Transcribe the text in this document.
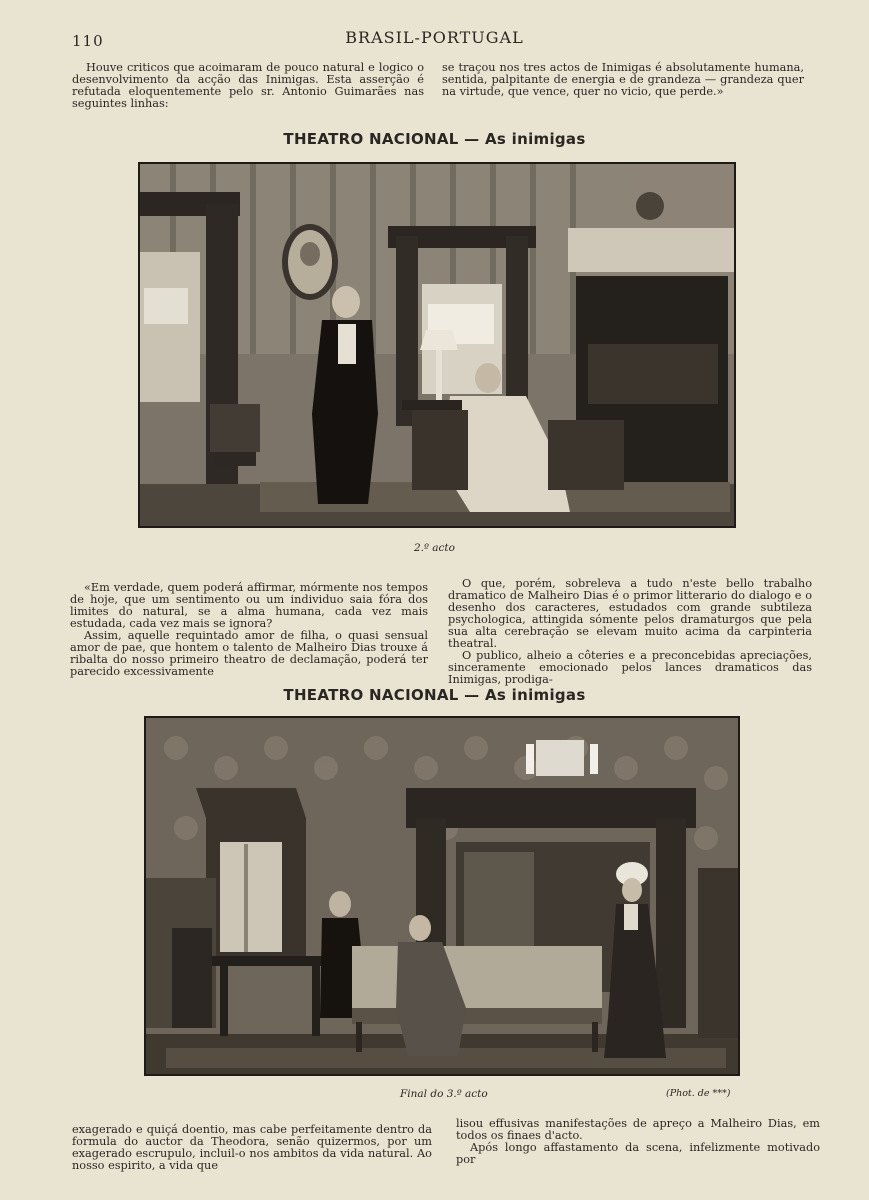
110	BRASIL-PORTUGAL

Houve criticos que acoimaram de pouco natural e logico o desenvolvimento da acção das Inimigas. Esta asserção é refutada eloquentemente pelo sr. Antonio Guimarães nas seguintes linhas:

se traçou nos tres actos de Inimigas é absolutamente humana, sentida, palpitante de energia e de grandeza — grandeza quer na virtude, que vence, quer no vicio, que perde.»

THEATRO NACIONAL — As inimigas
2.º acto

«Em verdade, quem poderá affirmar, mórmente nos tempos de hoje, que um sentimento ou um individuo saia fóra dos limites do natural, se a alma humana, cada vez mais estudada, cada vez mais se ignora?

Assim, aquelle requintado amor de filha, o quasi sensual amor de pae, que hontem o talento de Malheiro Dias trouxe á ribalta do nosso primeiro theatro de declamação, poderá ter parecido excessivamente

O que, porém, sobreleva a tudo n'este bello trabalho dramatico de Malheiro Dias é o primor litterario do dialogo e o desenho dos caracteres, estudados com grande subtileza psychologica, attingida sómente pelos dramaturgos que pela sua alta cerebração se elevam muito acima da carpinteria theatral.

O publico, alheio a côteries e a preconcebidas apreciações, sinceramente emocionado pelos lances dramaticos das Inimigas, prodiga-

THEATRO NACIONAL — As inimigas
Final do 3.º acto	(Phot. de ***)

exagerado e quiçá doentio, mas cabe perfeitamente dentro da formula do auctor da Theodora, senão quizermos, por um exagerado escrupulo, incluil-o nos ambitos da vida natural. Ao nosso espirito, a vida que

lisou effusivas manifestações de apreço a Malheiro Dias, em todos os finaes d'acto.

Após longo affastamento da scena, infelizmente motivado por
